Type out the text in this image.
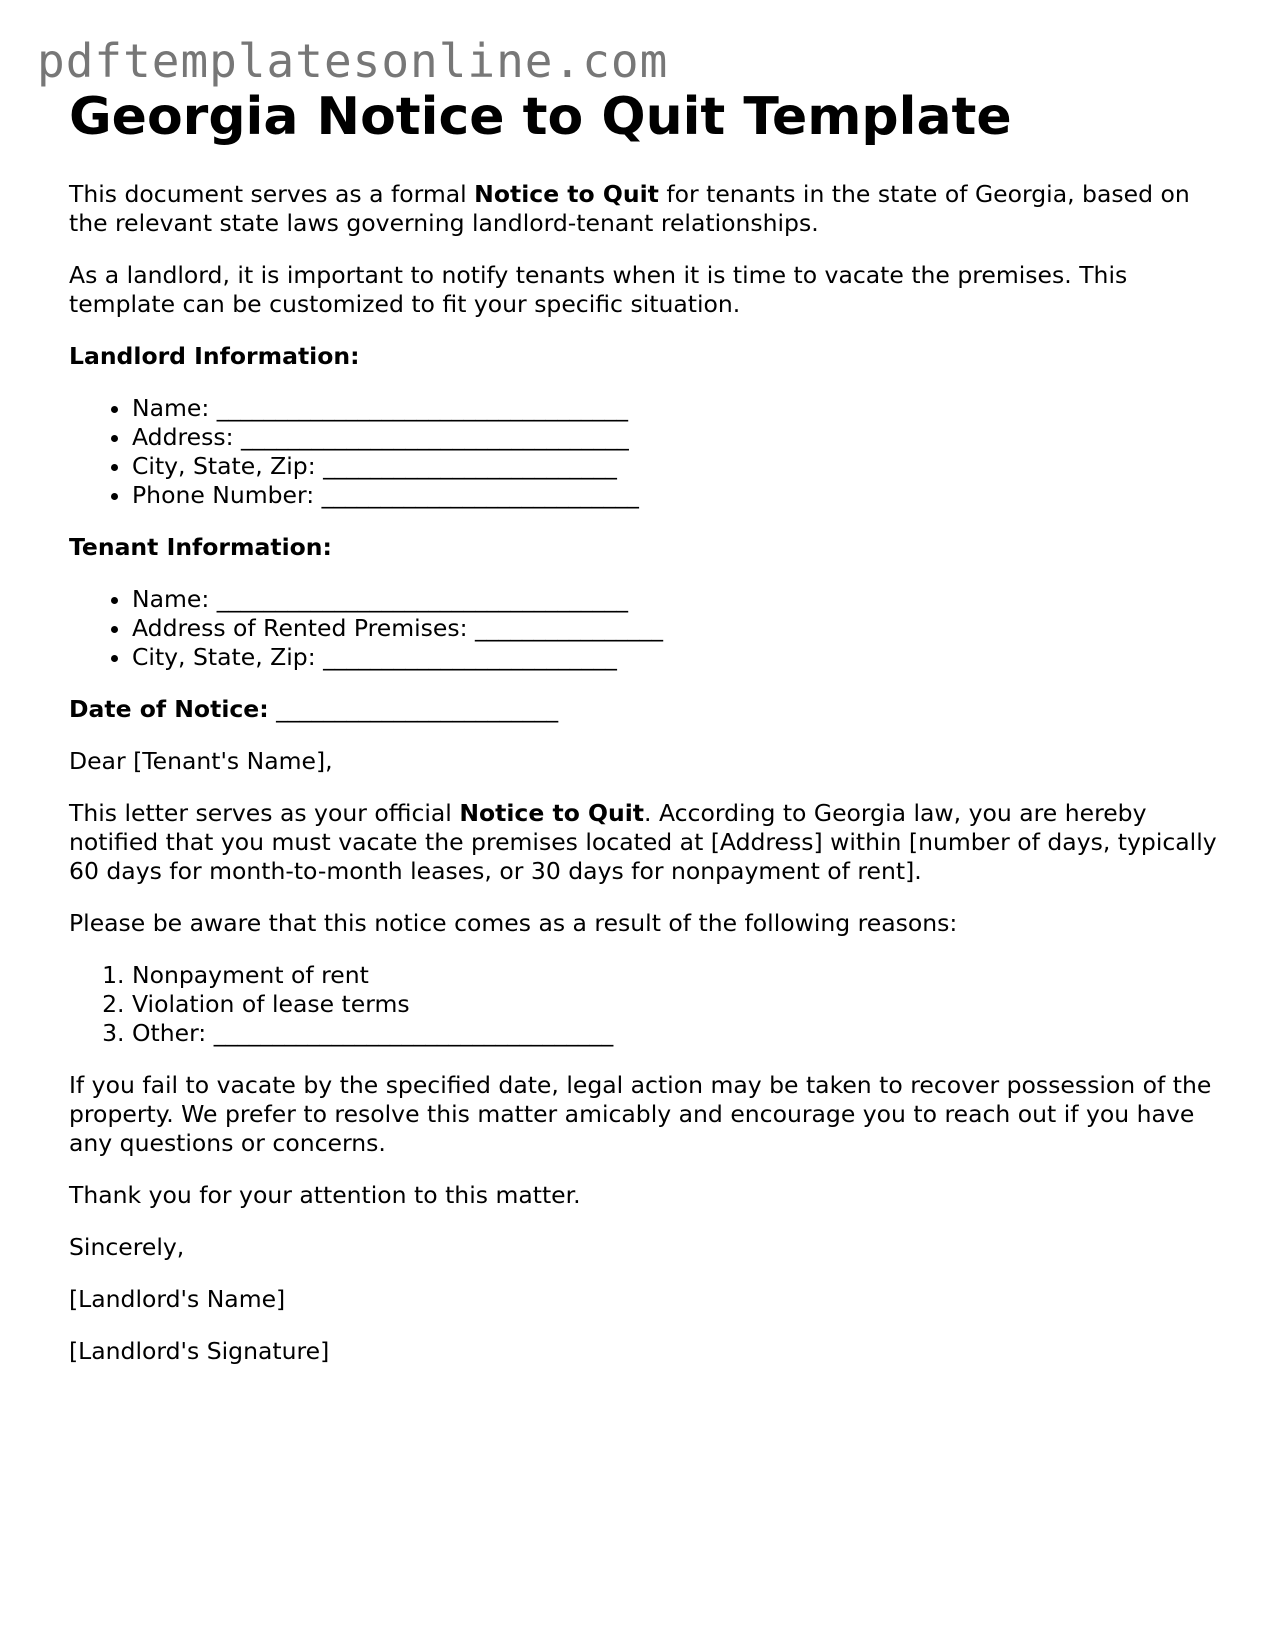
pdftemplatesonline.com
Georgia Notice to Quit Template

This document serves as a formal Notice to Quit for tenants in the state of Georgia, based on the relevant state laws governing landlord-tenant relationships.

As a landlord, it is important to notify tenants when it is time to vacate the premises. This template can be customized to fit your specific situation.

Landlord Information:

• Name: ___________________________________
• Address: _________________________________
• City, State, Zip: _________________________
• Phone Number: ___________________________

Tenant Information:

• Name: ___________________________________
• Address of Rented Premises: ________________
• City, State, Zip: _________________________

Date of Notice: ________________________

Dear [Tenant's Name],

This letter serves as your official Notice to Quit. According to Georgia law, you are hereby notified that you must vacate the premises located at [Address] within [number of days, typically 60 days for month-to-month leases, or 30 days for nonpayment of rent].

Please be aware that this notice comes as a result of the following reasons:

1. Nonpayment of rent
2. Violation of lease terms
3. Other: __________________________________

If you fail to vacate by the specified date, legal action may be taken to recover possession of the property. We prefer to resolve this matter amicably and encourage you to reach out if you have any questions or concerns.

Thank you for your attention to this matter.

Sincerely,

[Landlord's Name]

[Landlord's Signature]
